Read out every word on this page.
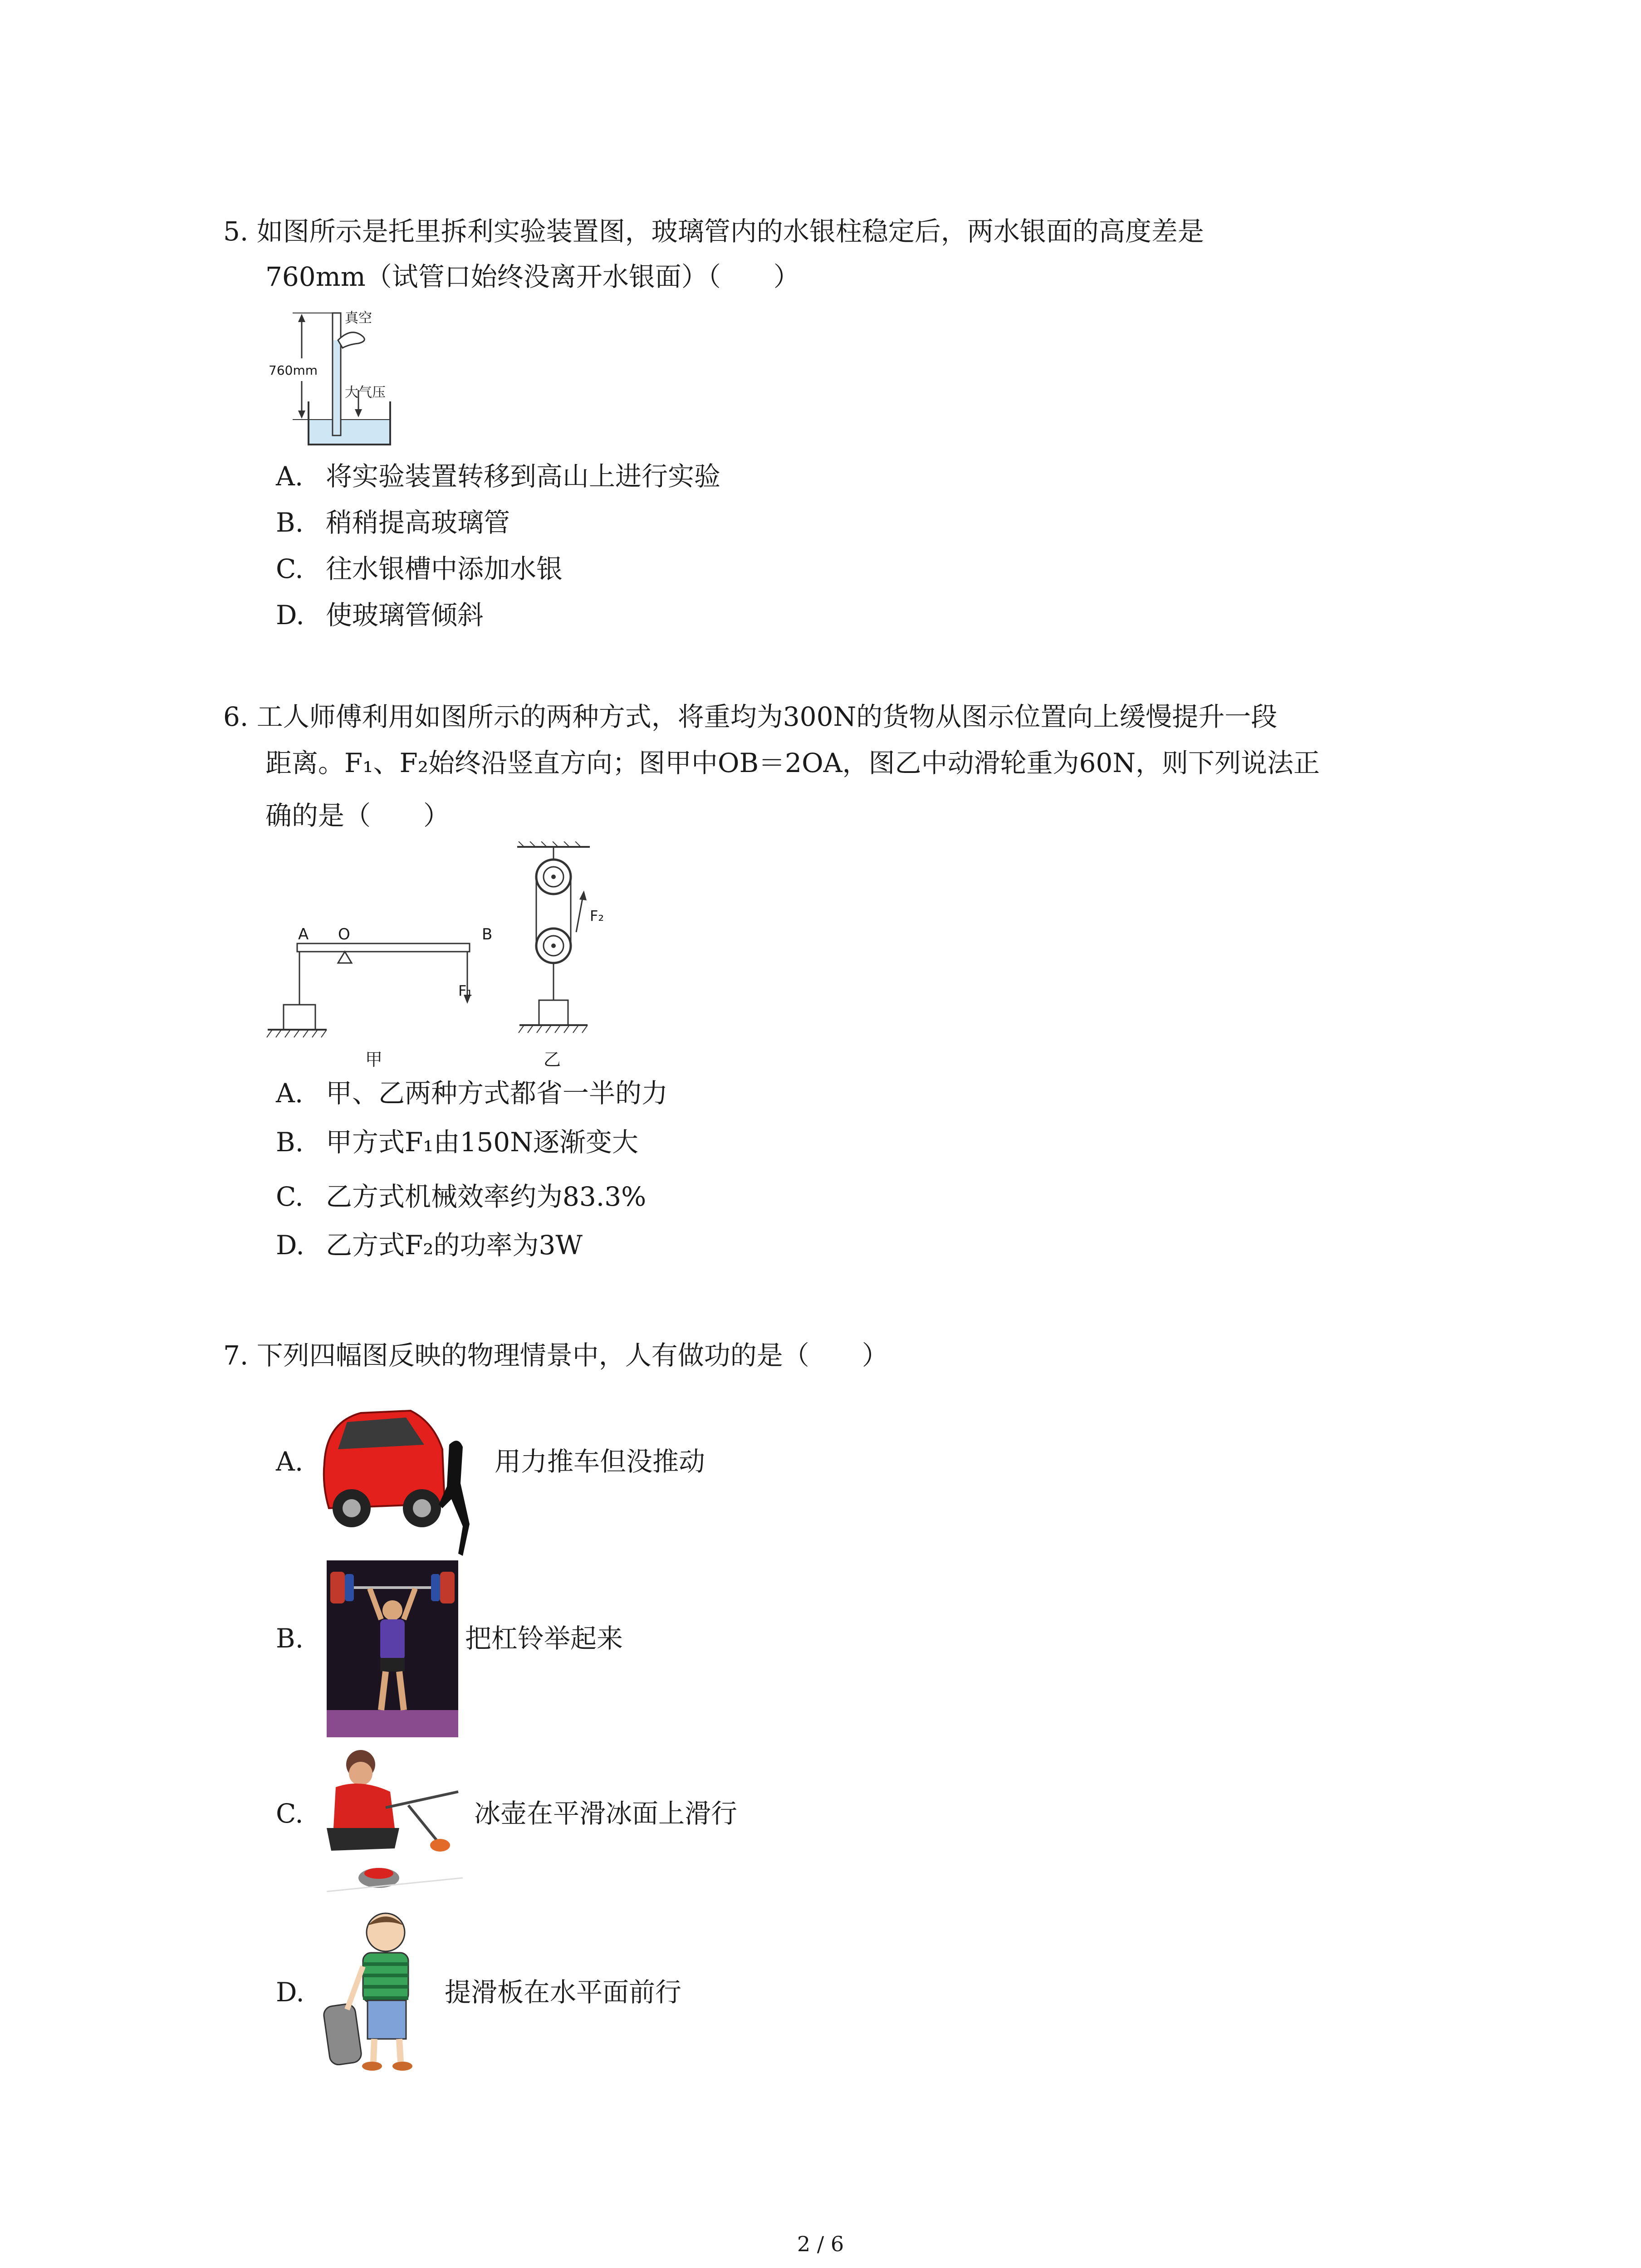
5. 如图所示是托里拆利实验装置图，玻璃管内的水银柱稳定后，两水银面的高度差是
760mm（试管口始终没离开水银面）（　　）
真空
760mm
大气压
A. 将实验装置转移到高山上进行实验
B. 稍稍提高玻璃管
C. 往水银槽中添加水银
D. 使玻璃管倾斜
6. 工人师傅利用如图所示的两种方式，将重均为300N的货物从图示位置向上缓慢提升一段
距离。F₁、F₂始终沿竖直方向；图甲中OB＝2OA，图乙中动滑轮重为60N，则下列说法正
确的是（　　）
A O	B
F₁
F₂
甲	乙
A. 甲、乙两种方式都省一半的力
B. 甲方式F₁由150N逐渐变大
C. 乙方式机械效率约为83.3%
D. 乙方式F₂的功率为3W
7. 下列四幅图反映的物理情景中，人有做功的是（　　）
A.	用力推车但没推动
B.	把杠铃举起来
C.	冰壶在平滑冰面上滑行
D.	提滑板在水平面前行
2 / 6
